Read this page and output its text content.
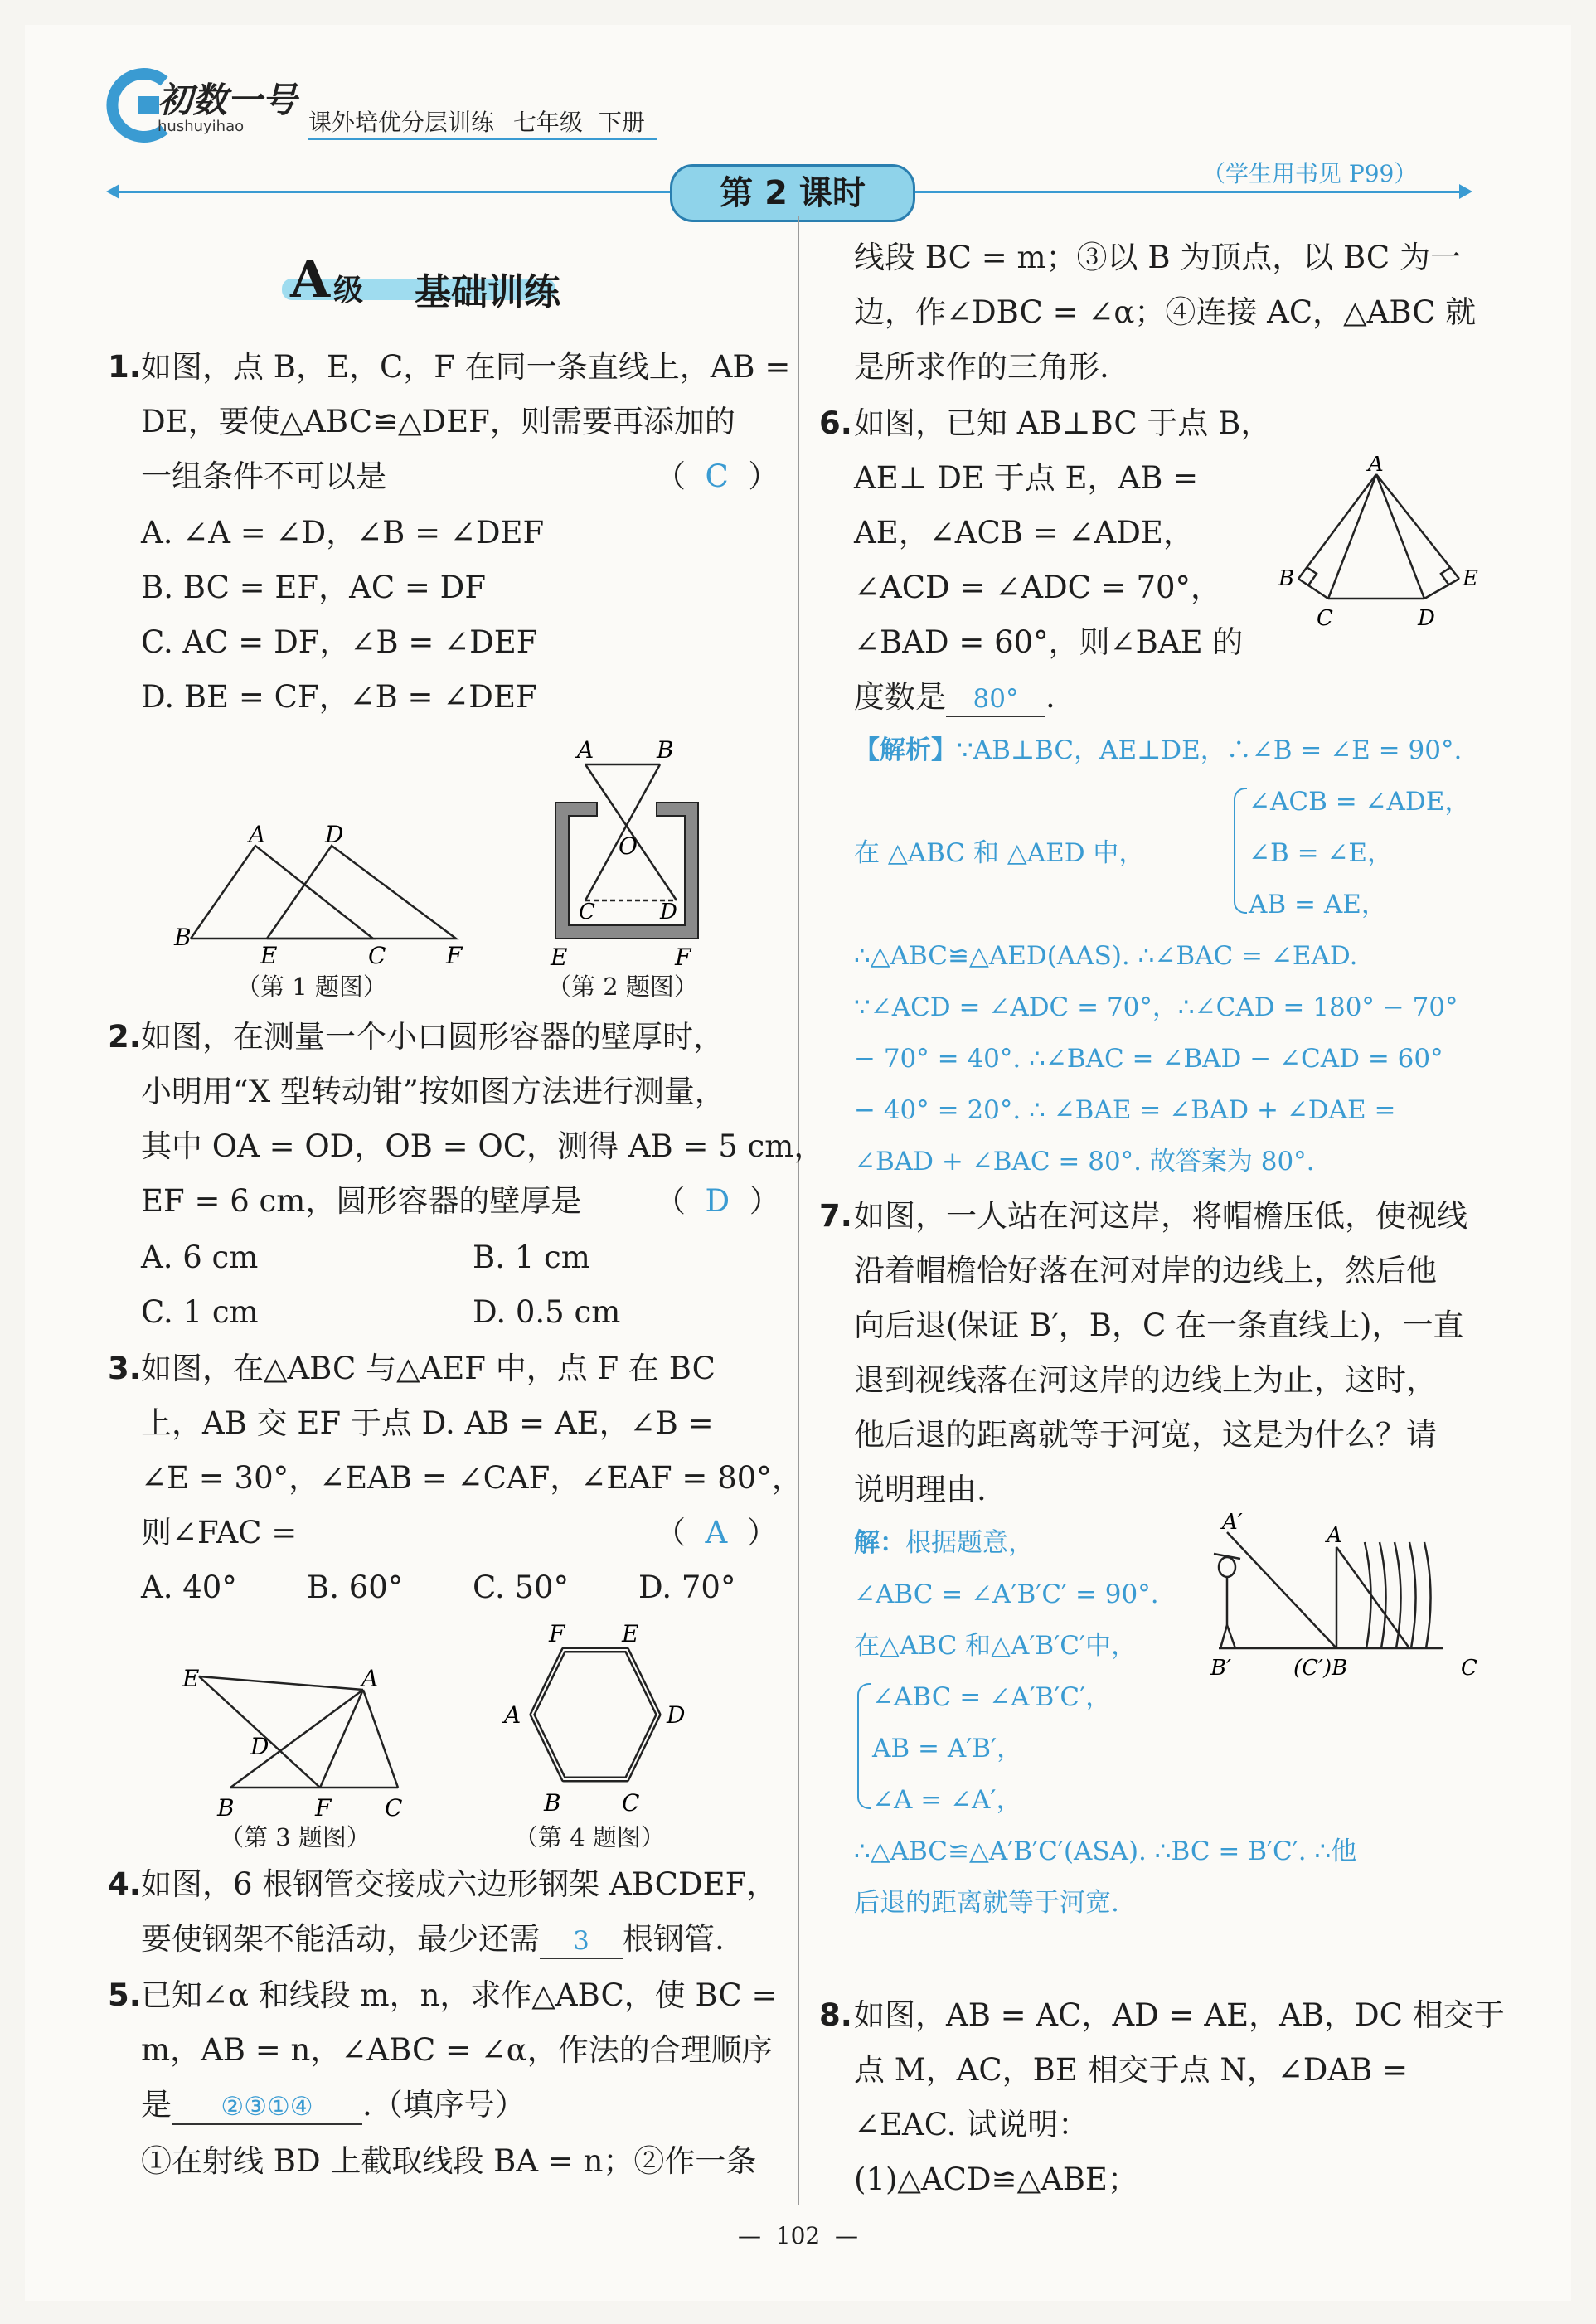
初数一号
hushuyihao	课外培优分层训练 七年级 下册
第 2 课时
（学生用书见 P99）
A 级 基础训练
1. 如图，点 B，E，C，F 在同一条直线上，AB =
DE，要使△ABC≌△DEF，则需要再添加的
一组条件不可以是	（  C  ）
A. ∠A = ∠D，∠B = ∠DEF
B. BC = EF，AC = DF
C. AC = DF，∠B = ∠DEF
D. BE = CF，∠B = ∠DEF
A	D
B
E	C	F
（第 1 题图）
A	B
O
C	D
E	F
（第 2 题图）
2. 如图，在测量一个小口圆形容器的壁厚时，
小明用“X 型转动钳”按如图方法进行测量，
其中 OA = OD，OB = OC，测得 AB = 5 cm，
EF = 6 cm，圆形容器的壁厚是 （  D  ）
A. 6 cm	B. 1 cm
C. 1 cm	D. 0.5 cm
3. 如图，在△ABC 与△AEF 中，点 F 在 BC
上，AB 交 EF 于点 D. AB = AE，∠B =
∠E = 30°，∠EAB = ∠CAF，∠EAF = 80°，
则∠FAC =	（  A  ）
A. 40° B. 60° C. 50° D. 70°
E	A
D
B	F C
（第 3 题图）
F E
A	D
B	C
（第 4 题图）
4. 如图，6 根钢管交接成六边形钢架 ABCDEF，
要使钢架不能活动，最少还需 3 根钢管.
5. 已知∠α 和线段 m，n，求作△ABC，使 BC =
m，AB = n，∠ABC = ∠α，作法的合理顺序
是 ②③①④ .（填序号）
①在射线 BD 上截取线段 BA = n；②作一条
线段 BC = m；③以 B 为顶点，以 BC 为一
边，作∠DBC = ∠α；④连接 AC，△ABC 就
是所求作的三角形.
6. 如图，已知 AB⊥BC 于点 B，
AE⊥ DE 于点 E，AB =
AE，∠ACB = ∠ADE，
∠ACD = ∠ADC = 70°，
∠BAD = 60°，则∠BAE 的
度数是 80° .
A
B	E
C	D
【解析】∵AB⊥BC，AE⊥DE，∴∠B = ∠E = 90°.
在 △ABC 和 △AED 中，
∠ACB = ∠ADE，
∠B = ∠E，
AB = AE，
∴△ABC≌△AED(AAS). ∴∠BAC = ∠EAD.
∵∠ACD = ∠ADC = 70°，∴∠CAD = 180° − 70°
− 70° = 40°. ∴∠BAC = ∠BAD − ∠CAD = 60°
− 40° = 20°. ∴ ∠BAE = ∠BAD + ∠DAE =
∠BAD + ∠BAC = 80°. 故答案为 80°.
7. 如图，一人站在河这岸，将帽檐压低，使视线
沿着帽檐恰好落在河对岸的边线上，然后他
向后退(保证 B′，B，C 在一条直线上)，一直
退到视线落在河这岸的边线上为止，这时，
他后退的距离就等于河宽，这是为什么？请
说明理由.
解：根据题意，
∠ABC = ∠A′B′C′ = 90°.
在△ABC 和△A′B′C′中，
∠ABC = ∠A′B′C′，
AB = A′B′，
∠A = ∠A′，
∴△ABC≌△A′B′C′(ASA). ∴BC = B′C′. ∴他
后退的距离就等于河宽.
A′
A
B′	(C′)B	C
8. 如图，AB = AC，AD = AE，AB，DC 相交于
点 M，AC，BE 相交于点 N，∠DAB =
∠EAC. 试说明：
(1)△ACD≌△ABE；
—  102  —
